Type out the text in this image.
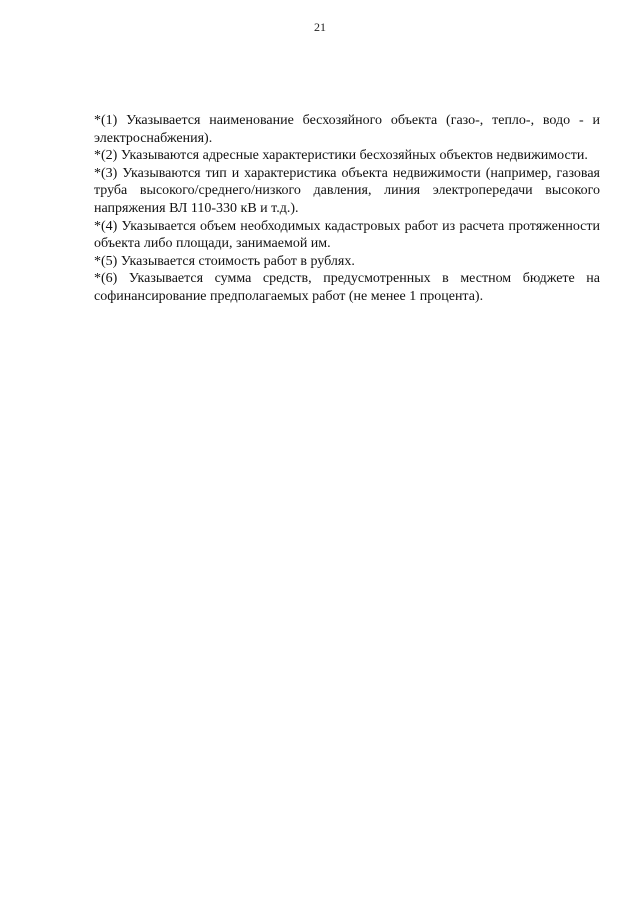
21

*(1) Указывается наименование бесхозяйного объекта (газо-, тепло-, водо - и электроснабжения).

*(2) Указываются адресные характеристики бесхозяйных объектов недвижимости.

*(3) Указываются тип и характеристика объекта недвижимости (например, газовая труба высокого/среднего/низкого давления, линия электропередачи высокого напряжения ВЛ 110-330 кВ и т.д.).

*(4) Указывается объем необходимых кадастровых работ из расчета протяженности объекта либо площади, занимаемой им.

*(5) Указывается стоимость работ в рублях.

*(6) Указывается сумма средств, предусмотренных в местном бюджете на софинансирование предполагаемых работ (не менее 1 процента).
